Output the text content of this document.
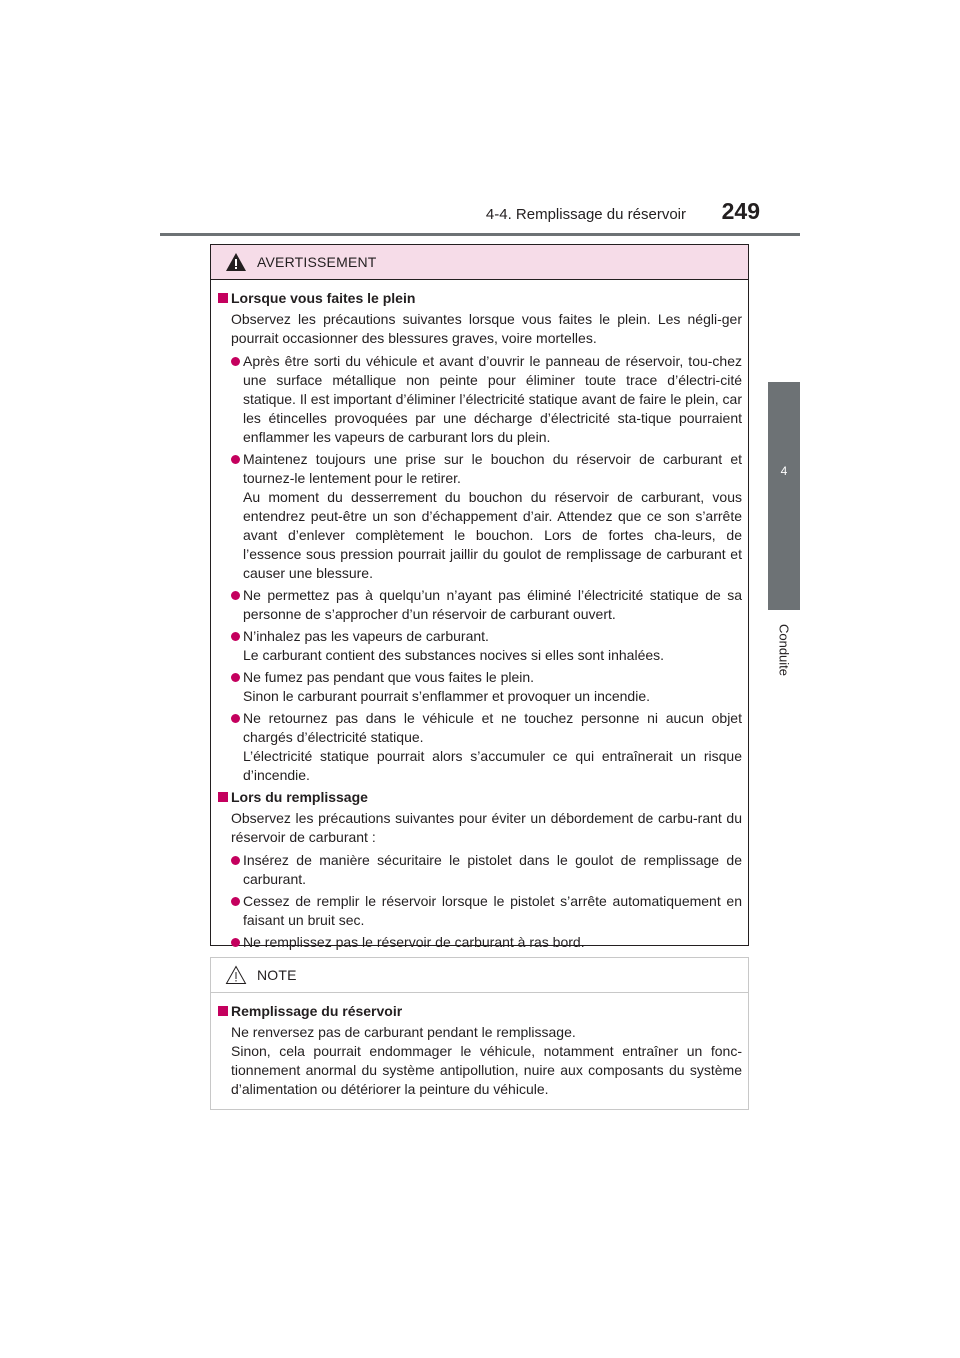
249
4-4. Remplissage du réservoir
4
Conduite
AVERTISSEMENT
Lorsque vous faites le plein
Observez les précautions suivantes lorsque vous faites le plein. Les négli-ger pourrait occasionner des blessures graves, voire mortelles.
Après être sorti du véhicule et avant d’ouvrir le panneau de réservoir, tou-chez une surface métallique non peinte pour éliminer toute trace d’électri-cité statique. Il est important d’éliminer l’électricité statique avant de faire le plein, car les étincelles provoquées par une décharge d’électricité sta-tique pourraient enflammer les vapeurs de carburant lors du plein.
Maintenez toujours une prise sur le bouchon du réservoir de carburant et tournez-le lentement pour le retirer.
Au moment du desserrement du bouchon du réservoir de carburant, vous entendrez peut-être un son d’échappement d’air. Attendez que ce son s’arrête avant d’enlever complètement le bouchon. Lors de fortes cha-leurs, de l’essence sous pression pourrait jaillir du goulot de remplissage de carburant et causer une blessure.
Ne permettez pas à quelqu’un n’ayant pas éliminé l’électricité statique de sa personne de s’approcher d’un réservoir de carburant ouvert.
N’inhalez pas les vapeurs de carburant.
Le carburant contient des substances nocives si elles sont inhalées.
Ne fumez pas pendant que vous faites le plein.
Sinon le carburant pourrait s’enflammer et provoquer un incendie.
Ne retournez pas dans le véhicule et ne touchez personne ni aucun objet chargés d’électricité statique.
L’électricité statique pourrait alors s’accumuler ce qui entraînerait un risque d’incendie.
Lors du remplissage
Observez les précautions suivantes pour éviter un débordement de carbu-rant du réservoir de carburant :
Insérez de manière sécuritaire le pistolet dans le goulot de remplissage de carburant.
Cessez de remplir le réservoir lorsque le pistolet s’arrête automatiquement en faisant un bruit sec.
Ne remplissez pas le réservoir de carburant à ras bord.
NOTE
Remplissage du réservoir
Ne renversez pas de carburant pendant le remplissage.
Sinon, cela pourrait endommager le véhicule, notamment entraîner un fonc-tionnement anormal du système antipollution, nuire aux composants du système d’alimentation ou détériorer la peinture du véhicule.
